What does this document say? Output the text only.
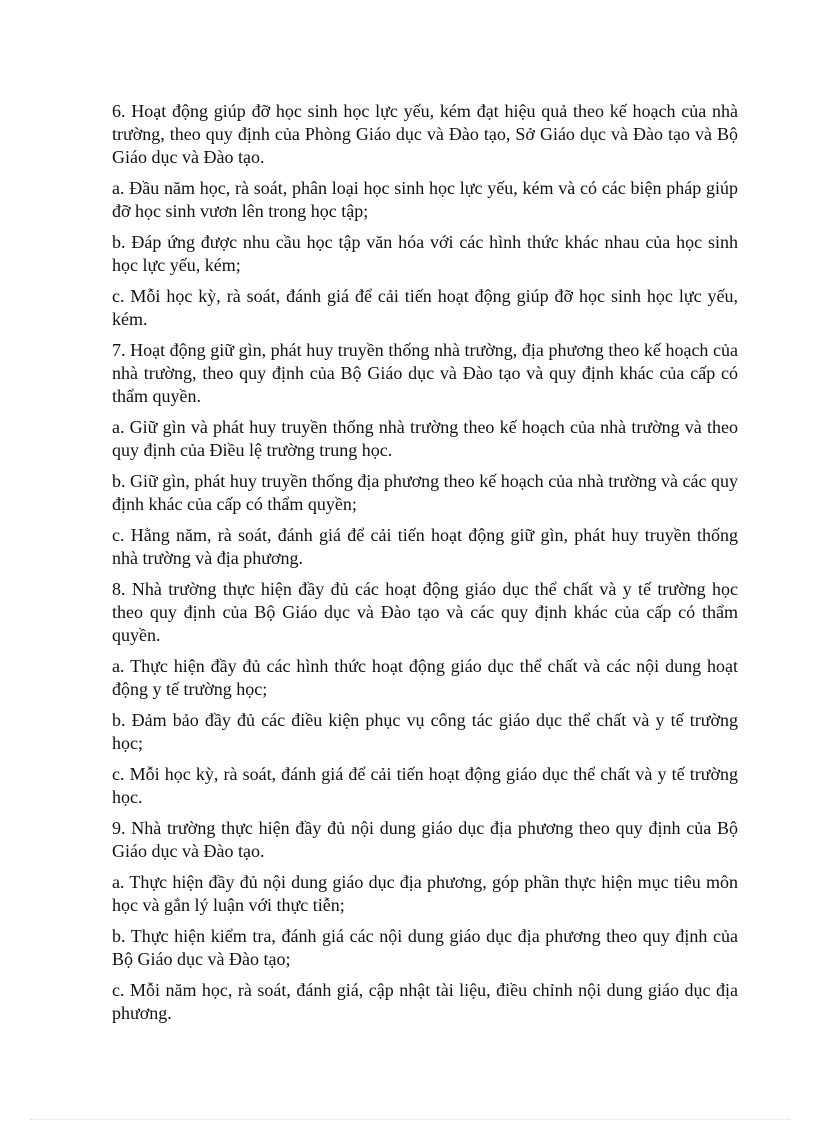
6. Hoạt động giúp đỡ học sinh học lực yếu, kém đạt hiệu quả theo kế hoạch của nhà trường, theo quy định của Phòng Giáo dục và Đào tạo, Sở Giáo dục và Đào tạo và Bộ Giáo dục và Đào tạo.

a. Đầu năm học, rà soát, phân loại học sinh học lực yếu, kém và có các biện pháp giúp đỡ học sinh vươn lên trong học tập;

b. Đáp ứng được nhu cầu học tập văn hóa với các hình thức khác nhau của học sinh học lực yếu, kém;

c. Mỗi học kỳ, rà soát, đánh giá để cải tiến hoạt động giúp đỡ học sinh học lực yếu, kém.

7. Hoạt động giữ gìn, phát huy truyền thống nhà trường, địa phương theo kế hoạch của nhà trường, theo quy định của Bộ Giáo dục và Đào tạo và quy định khác của cấp có thẩm quyền.

a. Giữ gìn và phát huy truyền thống nhà trường theo kế hoạch của nhà trường và theo quy định của Điều lệ trường trung học.

b. Giữ gìn, phát huy truyền thống địa phương theo kế hoạch của nhà trường và các quy định khác của cấp có thẩm quyền;

c. Hằng năm, rà soát, đánh giá để cải tiến hoạt động giữ gìn, phát huy truyền thống nhà trường và địa phương.

8. Nhà trường thực hiện đầy đủ các hoạt động giáo dục thể chất và y tế trường học theo quy định của Bộ Giáo dục và Đào tạo và các quy định khác của cấp có thẩm quyền.

a. Thực hiện đầy đủ các hình thức hoạt động giáo dục thể chất và các nội dung hoạt động y tế trường học;

b. Đảm bảo đầy đủ các điều kiện phục vụ công tác giáo dục thể chất và y tế trường học;

c. Mỗi học kỳ, rà soát, đánh giá để cải tiến hoạt động giáo dục thể chất và y tế trường học.

9. Nhà trường thực hiện đầy đủ nội dung giáo dục địa phương theo quy định của Bộ Giáo dục và Đào tạo.

a. Thực hiện đầy đủ nội dung giáo dục địa phương, góp phần thực hiện mục tiêu môn học và gắn lý luận với thực tiễn;

b. Thực hiện kiểm tra, đánh giá các nội dung giáo dục địa phương theo quy định của Bộ Giáo dục và Đào tạo;

c. Mỗi năm học, rà soát, đánh giá, cập nhật tài liệu, điều chỉnh nội dung giáo dục địa phương.
